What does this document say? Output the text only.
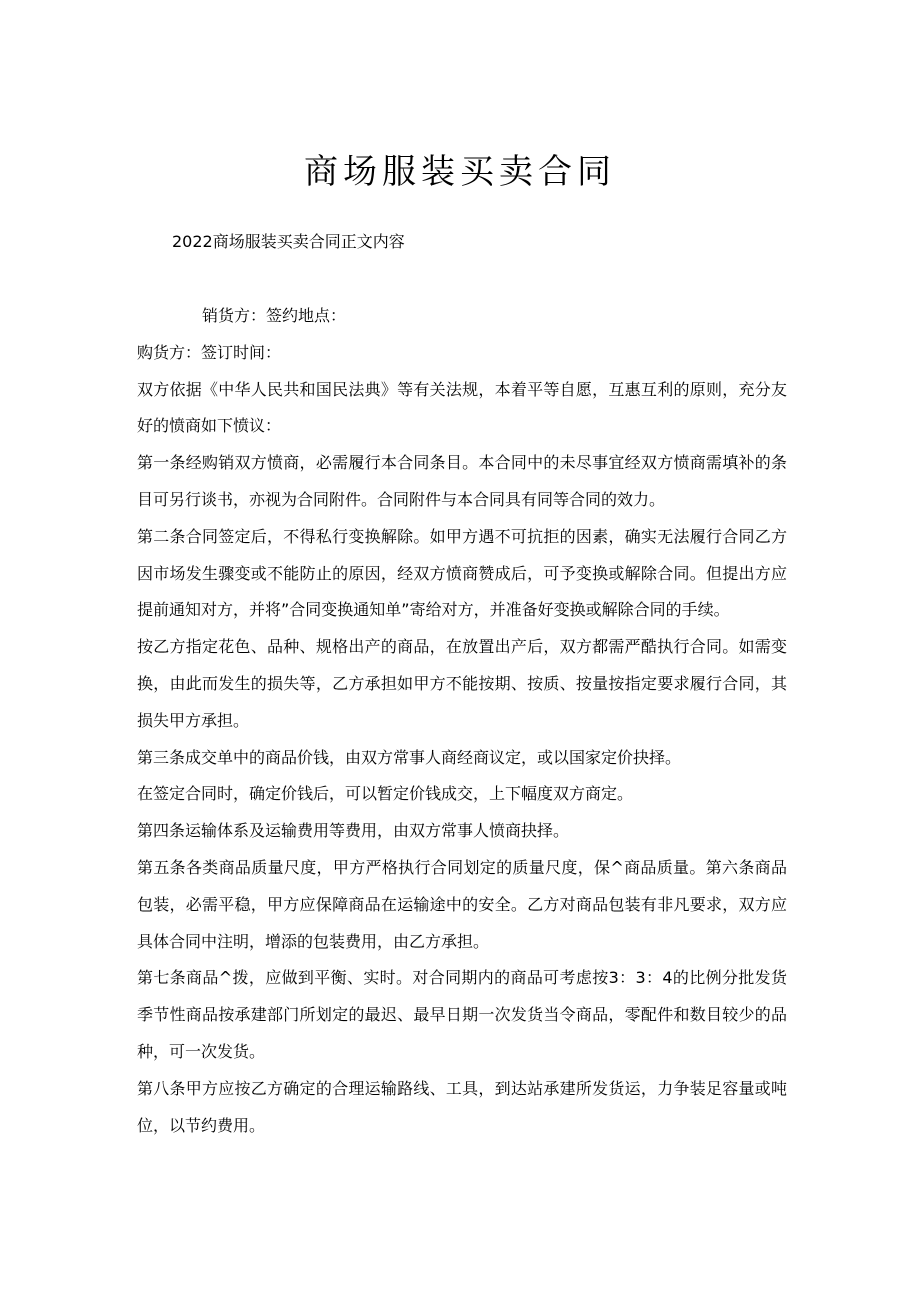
商场服装买卖合同

2022商场服装买卖合同正文内容

销货方：签约地点：

购货方：签订时间：

双方依据《中华人民共和国民法典》等有关法规，本着平等自愿，互惠互利的原则，充分友好的愤商如下愤议：

第一条经购销双方愤商，必需履行本合同条目。本合同中的未尽事宜经双方愤商需填补的条目可另行谈书，亦视为合同附件。合同附件与本合同具有同等合同的效力。

第二条合同签定后，不得私行变换解除。如甲方遇不可抗拒的因素，确实无法履行合同乙方因市场发生骤变或不能防止的原因，经双方愤商赞成后，可予变换或解除合同。但提出方应提前通知对方，并将”合同变换通知单”寄给对方，并准备好变换或解除合同的手续。

按乙方指定花色、品种、规格出产的商品，在放置出产后，双方都需严酷执行合同。如需变换，由此而发生的损失等，乙方承担如甲方不能按期、按质、按量按指定要求履行合同，其损失甲方承担。

第三条成交单中的商品价钱，由双方常事人商经商议定，或以国家定价抉择。

在签定合同时，确定价钱后，可以暂定价钱成交，上下幅度双方商定。

第四条运输体系及运输费用等费用，由双方常事人愤商抉择。

第五条各类商品质量尺度，甲方严格执行合同划定的质量尺度，保^商品质量。第六条商品包装，必需平稳，甲方应保障商品在运输途中的安全。乙方对商品包装有非凡要求，双方应具体合同中注明，增添的包装费用，由乙方承担。

第七条商品^拨，应做到平衡、实时。对合同期内的商品可考虑按3：3：4的比例分批发货季节性商品按承建部门所划定的最迟、最早日期一次发货当令商品，零配件和数目较少的品种，可一次发货。

第八条甲方应按乙方确定的合理运输路线、工具，到达站承建所发货运，力争装足容量或吨位，以节约费用。
